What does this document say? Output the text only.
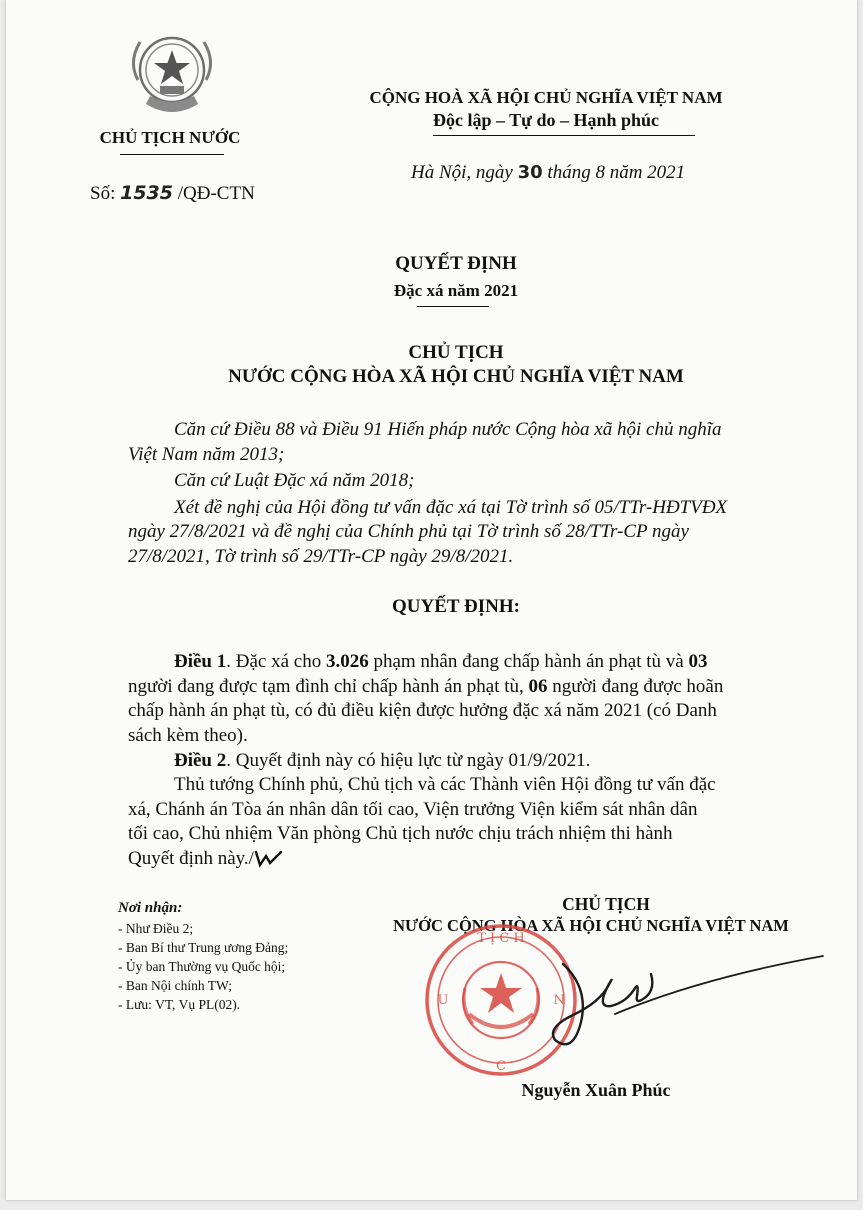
CHỦ TỊCH NƯỚC
Số: 1535 /QĐ-CTN
CỘNG HOÀ XÃ HỘI CHỦ NGHĨA VIỆT NAM
Độc lập – Tự do – Hạnh phúc
Hà Nội, ngày 30 tháng 8 năm 2021
QUYẾT ĐỊNH
Đặc xá năm 2021
CHỦ TỊCH
NƯỚC CỘNG HÒA XÃ HỘI CHỦ NGHĨA VIỆT NAM
Căn cứ Điều 88 và Điều 91 Hiến pháp nước Cộng hòa xã hội chủ nghĩa
Việt Nam năm 2013;
Căn cứ Luật Đặc xá năm 2018;
Xét đề nghị của Hội đồng tư vấn đặc xá tại Tờ trình số 05/TTr-HĐTVĐX
ngày 27/8/2021 và đề nghị của Chính phủ tại Tờ trình số 28/TTr-CP ngày
27/8/2021, Tờ trình số 29/TTr-CP ngày 29/8/2021.
QUYẾT ĐỊNH:
Điều 1. Đặc xá cho 3.026 phạm nhân đang chấp hành án phạt tù và 03
người đang được tạm đình chỉ chấp hành án phạt tù, 06 người đang được hoãn
chấp hành án phạt tù, có đủ điều kiện được hưởng đặc xá năm 2021 (có Danh
sách kèm theo).
Điều 2. Quyết định này có hiệu lực từ ngày 01/9/2021.
Thủ tướng Chính phủ, Chủ tịch và các Thành viên Hội đồng tư vấn đặc
xá, Chánh án Tòa án nhân dân tối cao, Viện trưởng Viện kiểm sát nhân dân
tối cao, Chủ nhiệm Văn phòng Chủ tịch nước chịu trách nhiệm thi hành
Quyết định này./
Nơi nhận:
- Như Điều 2;
- Ban Bí thư Trung ương Đảng;
- Ủy ban Thường vụ Quốc hội;
- Ban Nội chính TW;
- Lưu: VT, Vụ PL(02).
CHỦ TỊCH
NƯỚC CỘNG HÒA XÃ HỘI CHỦ NGHĨA VIỆT NAM
T Ị C H
U	N
C
Nguyễn Xuân Phúc
